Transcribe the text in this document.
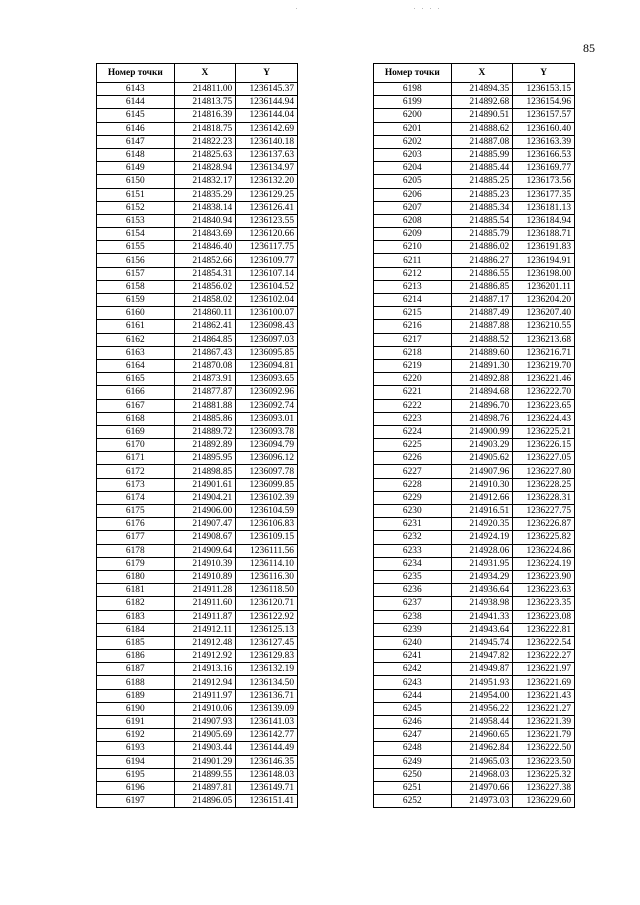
85
Номер точки	X	Y
6143	214811.00	1236145.37
6144	214813.75	1236144.94
6145	214816.39	1236144.04
6146	214818.75	1236142.69
6147	214822.23	1236140.18
6148	214825.63	1236137.63
6149	214828.94	1236134.97
6150	214832.17	1236132.20
6151	214835.29	1236129.25
6152	214838.14	1236126.41
6153	214840.94	1236123.55
6154	214843.69	1236120.66
6155	214846.40	1236117.75
6156	214852.66	1236109.77
6157	214854.31	1236107.14
6158	214856.02	1236104.52
6159	214858.02	1236102.04
6160	214860.11	1236100.07
6161	214862.41	1236098.43
6162	214864.85	1236097.03
6163	214867.43	1236095.85
6164	214870.08	1236094.81
6165	214873.91	1236093.65
6166	214877.87	1236092.96
6167	214881.88	1236092.74
6168	214885.86	1236093.01
6169	214889.72	1236093.78
6170	214892.89	1236094.79
6171	214895.95	1236096.12
6172	214898.85	1236097.78
6173	214901.61	1236099.85
6174	214904.21	1236102.39
6175	214906.00	1236104.59
6176	214907.47	1236106.83
6177	214908.67	1236109.15
6178	214909.64	1236111.56
6179	214910.39	1236114.10
6180	214910.89	1236116.30
6181	214911.28	1236118.50
6182	214911.60	1236120.71
6183	214911.87	1236122.92
6184	214912.11	1236125.13
6185	214912.48	1236127.45
6186	214912.92	1236129.83
6187	214913.16	1236132.19
6188	214912.94	1236134.50
6189	214911.97	1236136.71
6190	214910.06	1236139.09
6191	214907.93	1236141.03
6192	214905.69	1236142.77
6193	214903.44	1236144.49
6194	214901.29	1236146.35
6195	214899.55	1236148.03
6196	214897.81	1236149.71
6197	214896.05	1236151.41
Номер точки	X	Y
6198	214894.35	1236153.15
6199	214892.68	1236154.96
6200	214890.51	1236157.57
6201	214888.62	1236160.40
6202	214887.08	1236163.39
6203	214885.99	1236166.53
6204	214885.44	1236169.77
6205	214885.25	1236173.56
6206	214885.23	1236177.35
6207	214885.34	1236181.13
6208	214885.54	1236184.94
6209	214885.79	1236188.71
6210	214886.02	1236191.83
6211	214886.27	1236194.91
6212	214886.55	1236198.00
6213	214886.85	1236201.11
6214	214887.17	1236204.20
6215	214887.49	1236207.40
6216	214887.88	1236210.55
6217	214888.52	1236213.68
6218	214889.60	1236216.71
6219	214891.30	1236219.70
6220	214892.88	1236221.46
6221	214894.68	1236222.70
6222	214896.70	1236223.65
6223	214898.76	1236224.43
6224	214900.99	1236225.21
6225	214903.29	1236226.15
6226	214905.62	1236227.05
6227	214907.96	1236227.80
6228	214910.30	1236228.25
6229	214912.66	1236228.31
6230	214916.51	1236227.75
6231	214920.35	1236226.87
6232	214924.19	1236225.82
6233	214928.06	1236224.86
6234	214931.95	1236224.19
6235	214934.29	1236223.90
6236	214936.64	1236223.63
6237	214938.98	1236223.35
6238	214941.33	1236223.08
6239	214943.64	1236222.81
6240	214945.74	1236222.54
6241	214947.82	1236222.27
6242	214949.87	1236221.97
6243	214951.93	1236221.69
6244	214954.00	1236221.43
6245	214956.22	1236221.27
6246	214958.44	1236221.39
6247	214960.65	1236221.79
6248	214962.84	1236222.50
6249	214965.03	1236223.50
6250	214968.03	1236225.32
6251	214970.66	1236227.38
6252	214973.03	1236229.60
